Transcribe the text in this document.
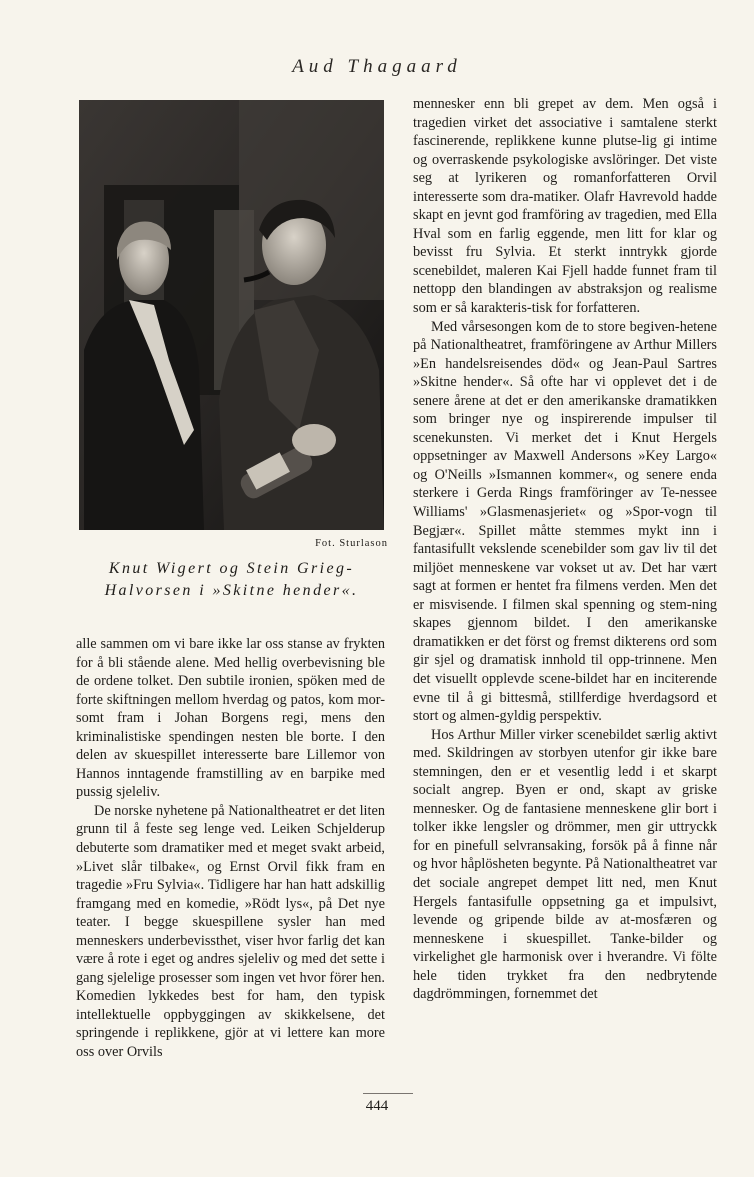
Aud Thagaard
Fot. Sturlason
Knut Wigert og Stein Grieg-Halvorsen i »Skitne hender«.

alle sammen om vi bare ikke lar oss stanse av frykten for å bli stående alene. Med hellig overbevisning ble de ordene tolket. Den subtile ironien, spöken med de forte skiftningen mellom hverdag og patos, kom mor-somt fram i Johan Borgens regi, mens den kriminalistiske spendingen nesten ble borte. I den delen av skuespillet interesserte bare Lillemor von Hannos inntagende framstilling av en barpike med pussig sjeleliv.

De norske nyhetene på Nationaltheatret er det liten grunn til å feste seg lenge ved. Leiken Schjelderup debuterte som dramatiker med et meget svakt arbeid, »Livet slår tilbake«, og Ernst Orvil fikk fram en tragedie »Fru Sylvia«. Tidligere har han hatt adskillig framgang med en komedie, »Rödt lys«, på Det nye teater. I begge skuespillene sysler han med menneskers underbevissthet, viser hvor farlig det kan være å rote i eget og andres sjeleliv og med det sette i gang sjelelige prosesser som ingen vet hvor förer hen. Komedien lykkedes best for ham, den typisk intellektuelle oppbyggingen av skikkelsene, det springende i replikkene, gjör at vi lettere kan more oss over Orvils

mennesker enn bli grepet av dem. Men også i tragedien virket det associative i samtalene sterkt fascinerende, replikkene kunne plutse-lig gi intime og overraskende psykologiske avslöringer. Det viste seg at lyrikeren og romanforfatteren Orvil interesserte som dra-matiker. Olafr Havrevold hadde skapt en jevnt god framföring av tragedien, med Ella Hval som en farlig eggende, men litt for klar og bevisst fru Sylvia. Et sterkt inntrykk gjorde scenebildet, maleren Kai Fjell hadde funnet fram til nettopp den blandingen av abstraksjon og realisme som er så karakteris-tisk for forfatteren.

Med vårsesongen kom de to store begiven-hetene på Nationaltheatret, framföringene av Arthur Millers »En handelsreisendes död« og Jean-Paul Sartres »Skitne hender«. Så ofte har vi opplevet det i de senere årene at det er den amerikanske dramatikken som bringer nye og inspirerende impulser til scenekunsten. Vi merket det i Knut Hergels oppsetninger av Maxwell Andersons »Key Largo« og O'Neills »Ismannen kommer«, og senere enda sterkere i Gerda Rings framföringer av Te-nessee Williams' »Glasmenasjeriet« og »Spor-vogn til Begjær«. Spillet måtte stemmes mykt inn i fantasifullt vekslende scenebilder som gav liv til det miljöet menneskene var vokset ut av. Det har vært sagt at formen er hentet fra filmens verden. Men det er misvisende. I filmen skal spenning og stem-ning skapes gjennom bildet. I den amerikanske dramatikken er det först og fremst dikterens ord som gir sjel og dramatisk innhold til opp-trinnene. Men det visuellt opplevde scene-bildet har en inciterende evne til å gi bittesmå, stillferdige hverdagsord et stort og almen-gyldig perspektiv.

Hos Arthur Miller virker scenebildet særlig aktivt med. Skildringen av storbyen utenfor gir ikke bare stemningen, den er et vesentlig ledd i et skarpt socialt angrep. Byen er ond, skapt av griske mennesker. Og de fantasiene menneskene glir bort i tolker ikke lengsler og drömmer, men gir uttryckk for en pinefull selvransaking, forsök på å finne når og hvor håplösheten begynte. På Nationaltheatret var det sociale angrepet dempet litt ned, men Knut Hergels fantasifulle oppsetning ga et impulsivt, levende og gripende bilde av at-mosfæren og menneskene i skuespillet. Tanke-bilder og virkelighet gle harmonisk over i hverandre. Vi fölte hele tiden trykket fra den nedbrytende dagdrömmingen, fornemmet det

444
